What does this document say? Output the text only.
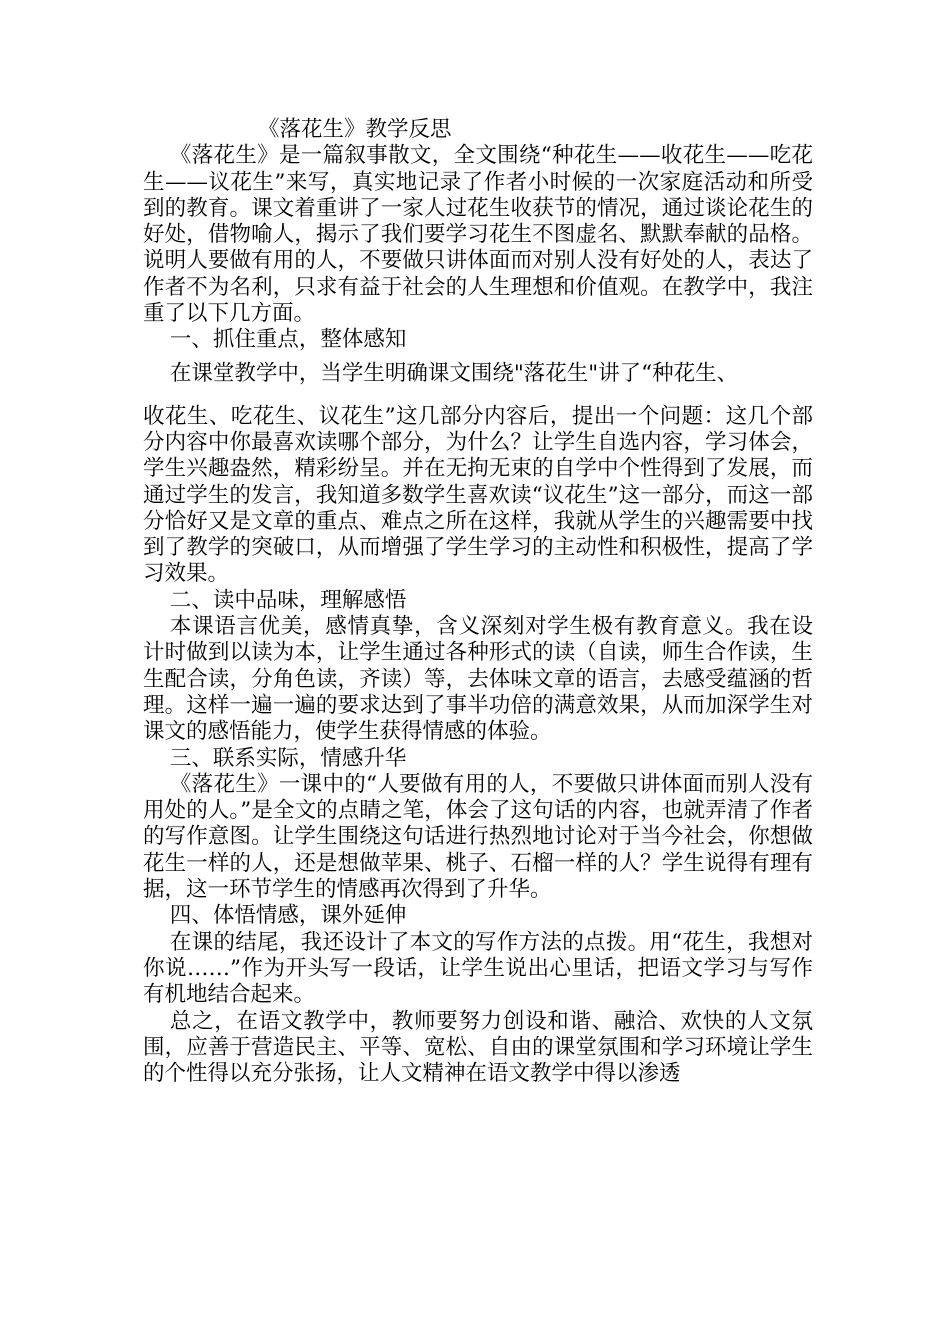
《落花生》教学反思

《落花生》是一篇叙事散文，全文围绕“种花生——收花生——吃花生——议花生”来写，真实地记录了作者小时候的一次家庭活动和所受到的教育。课文着重讲了一家人过花生收获节的情况，通过谈论花生的好处，借物喻人，揭示了我们要学习花生不图虚名、默默奉献的品格。说明人要做有用的人，不要做只讲体面而对别人没有好处的人，表达了作者不为名利，只求有益于社会的人生理想和价值观。在教学中，我注重了以下几方面。

一、抓住重点，整体感知

在课堂教学中，当学生明确课文围绕"落花生"讲了“种花生、

收花生、吃花生、议花生”这几部分内容后，提出一个问题：这几个部分内容中你最喜欢读哪个部分，为什么？让学生自选内容，学习体会，学生兴趣盎然，精彩纷呈。并在无拘无束的自学中个性得到了发展，而通过学生的发言，我知道多数学生喜欢读“议花生”这一部分，而这一部分恰好又是文章的重点、难点之所在这样，我就从学生的兴趣需要中找到了教学的突破口，从而增强了学生学习的主动性和积极性，提高了学习效果。

二、读中品味，理解感悟

本课语言优美，感情真挚，含义深刻对学生极有教育意义。我在设计时做到以读为本，让学生通过各种形式的读（自读，师生合作读，生生配合读，分角色读，齐读）等，去体味文章的语言，去感受蕴涵的哲理。这样一遍一遍的要求达到了事半功倍的满意效果，从而加深学生对课文的感悟能力，使学生获得情感的体验。

三、联系实际，情感升华

《落花生》一课中的“人要做有用的人，不要做只讲体面而别人没有用处的人。”是全文的点睛之笔，体会了这句话的内容，也就弄清了作者的写作意图。让学生围绕这句话进行热烈地讨论对于当今社会，你想做花生一样的人，还是想做苹果、桃子、石榴一样的人？学生说得有理有据，这一环节学生的情感再次得到了升华。

四、体悟情感，课外延伸

在课的结尾，我还设计了本文的写作方法的点拨。用“花生，我想对你说……”作为开头写一段话，让学生说出心里话，把语文学习与写作有机地结合起来。

总之，在语文教学中，教师要努力创设和谐、融洽、欢快的人文氛围，应善于营造民主、平等、宽松、自由的课堂氛围和学习环境让学生的个性得以充分张扬，让人文精神在语文教学中得以渗透
